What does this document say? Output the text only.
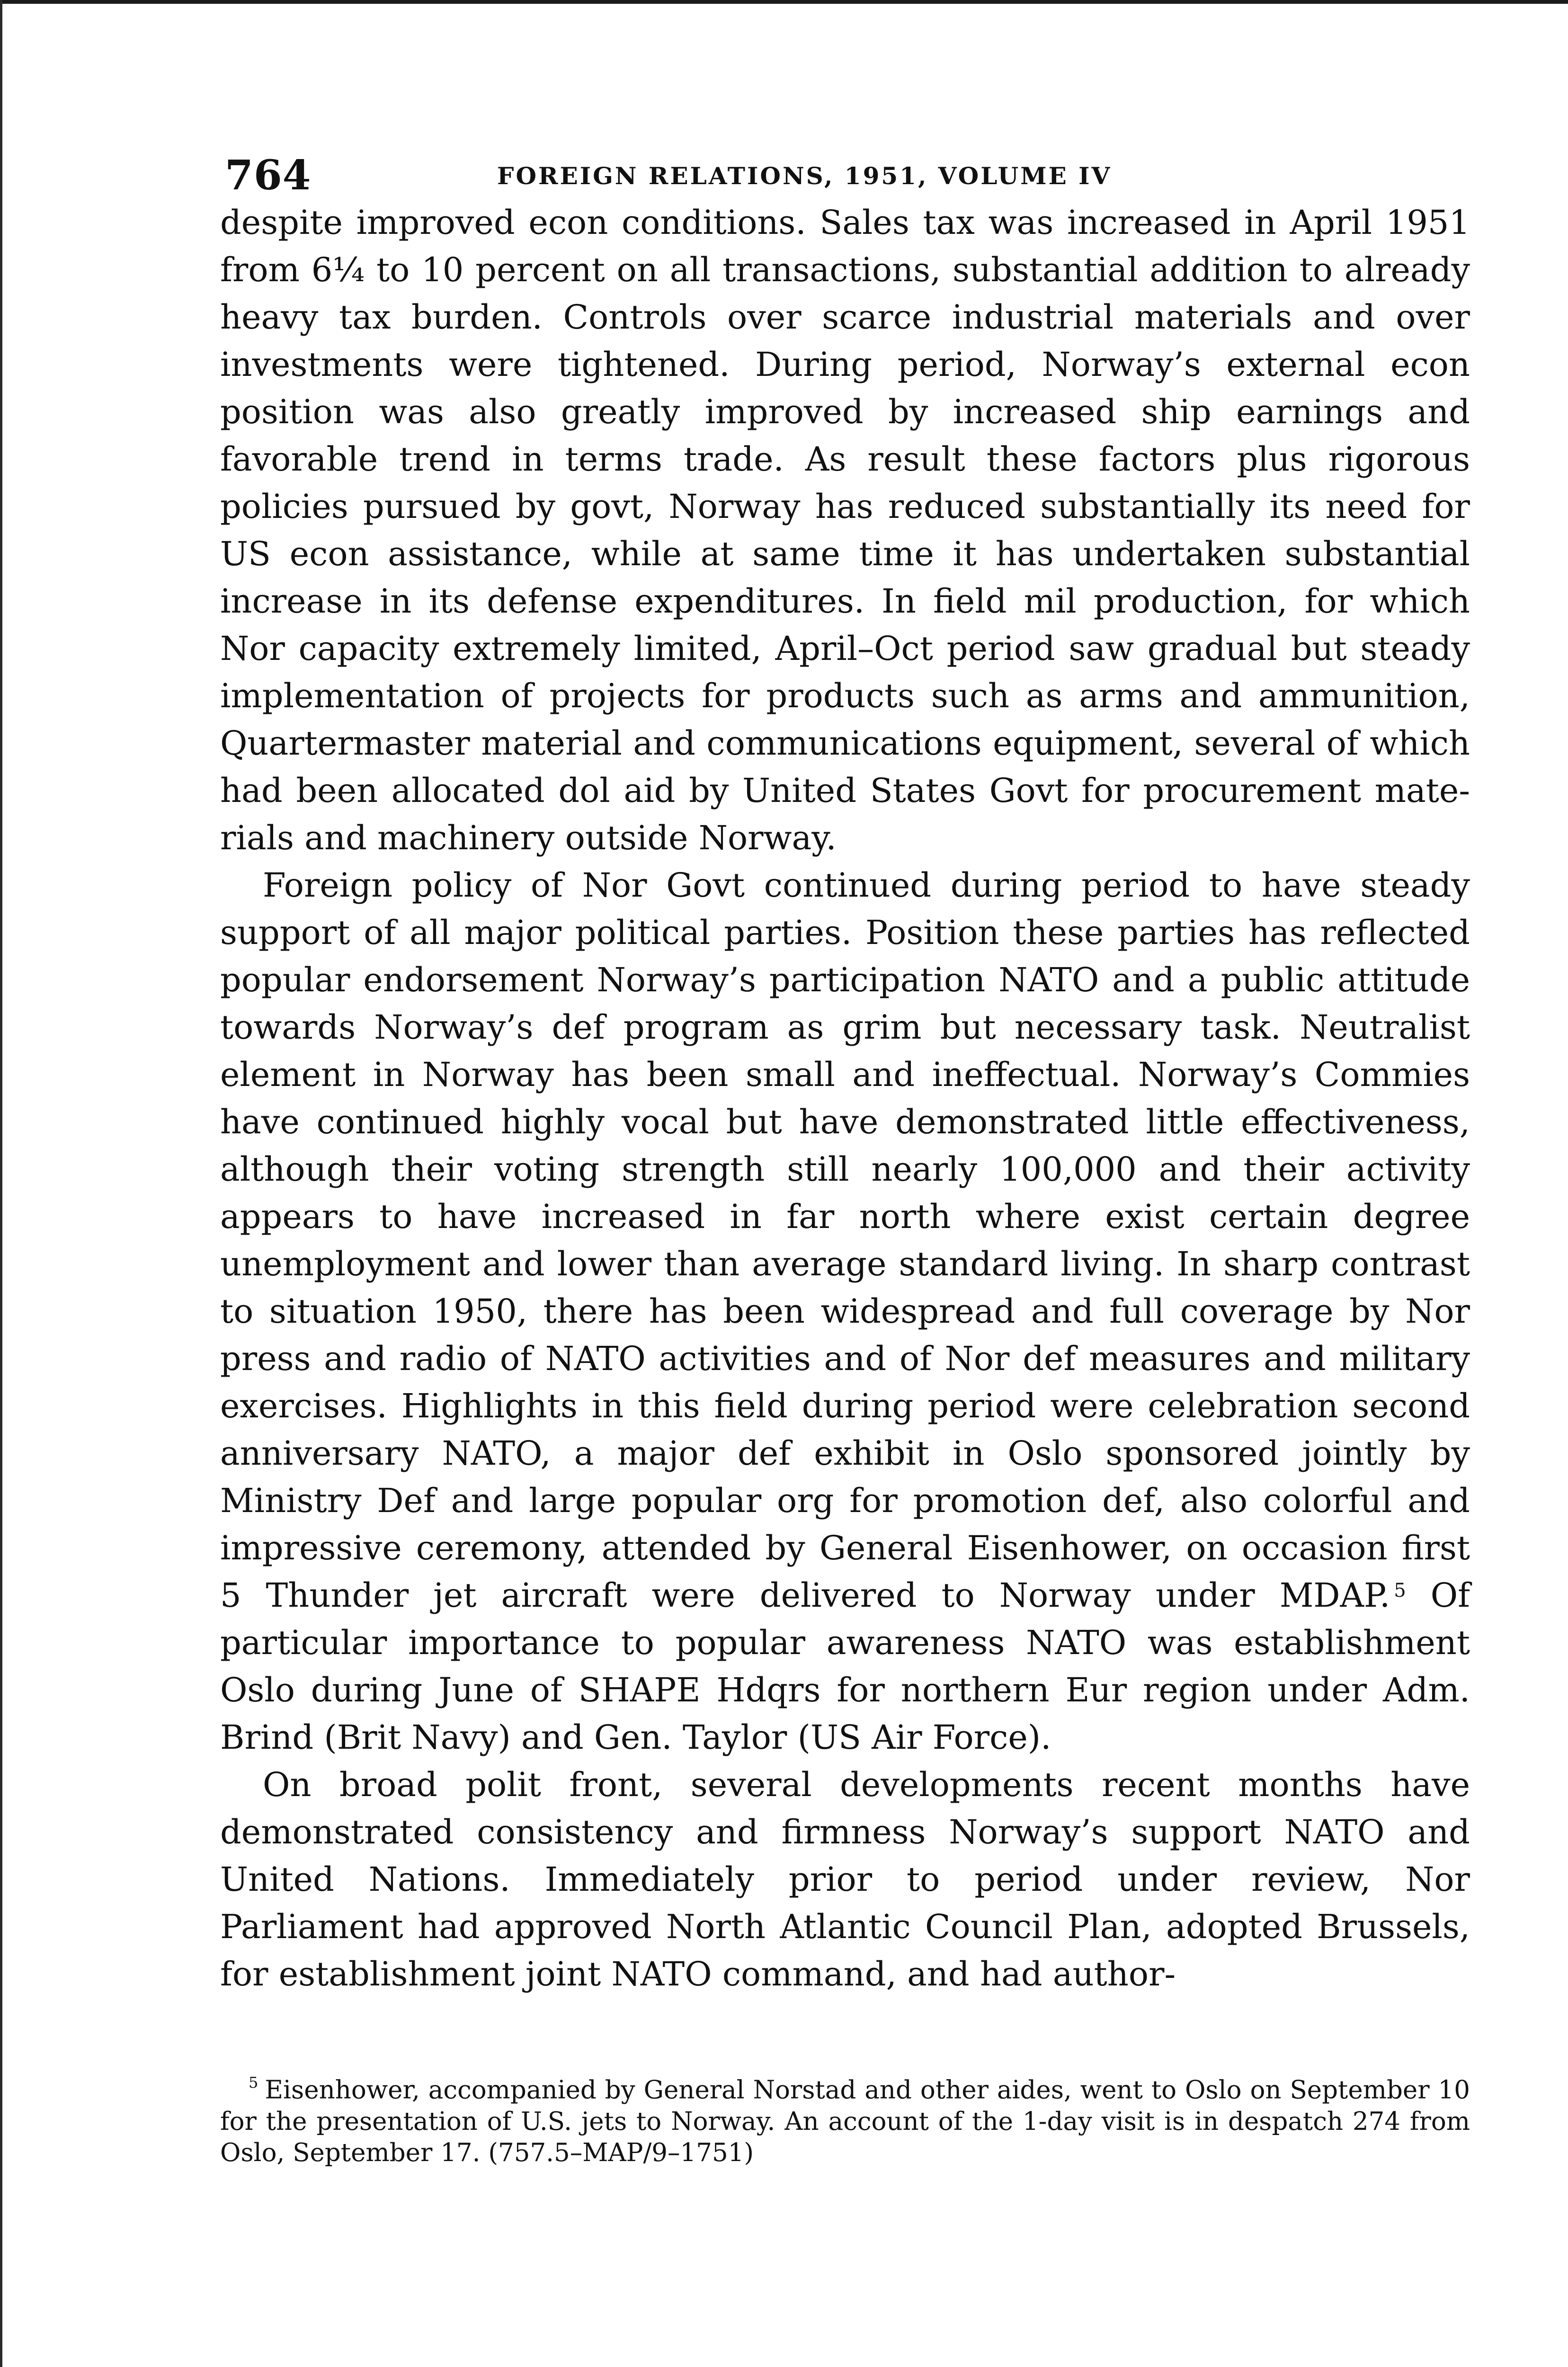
764	FOREIGN RELATIONS, 1951, VOLUME IV

despite improved econ conditions. Sales tax was increased in April 1951 from 6¼ to 10 percent on all transactions, substantial addition to already heavy tax burden. Controls over scarce industrial materials and over investments were tightened. During period, Norway’s external econ position was also greatly improved by increased ship earnings and favorable trend in terms trade. As result these factors plus rigorous policies pursued by govt, Norway has reduced substantially its need for US econ assistance, while at same time it has undertaken substantial increase in its defense expenditures. In field mil production, for which Nor capacity extremely limited, April–Oct period saw gradual but steady implementation of projects for products such as arms and ammunition, Quartermaster material and communications equipment, several of which had been allocated dol aid by United States Govt for procurement materials and machinery outside Norway.

Foreign policy of Nor Govt continued during period to have steady support of all major political parties. Position these parties has reflected popular endorsement Norway’s participation NATO and a public attitude towards Norway’s def program as grim but necessary task. Neutralist element in Norway has been small and ineffectual. Norway’s Commies have continued highly vocal but have demonstrated little effectiveness, although their voting strength still nearly 100,000 and their activity appears to have increased in far north where exist certain degree unemployment and lower than average standard living. In sharp contrast to situation 1950, there has been widespread and full coverage by Nor press and radio of NATO activities and of Nor def measures and military exercises. Highlights in this field during period were celebration second anniversary NATO, a major def exhibit in Oslo sponsored jointly by Ministry Def and large popular org for promotion def, also colorful and impressive ceremony, attended by General Eisenhower, on occasion first 5 Thunder jet aircraft were delivered to Norway under MDAP. $^5$ Of particular importance to popular awareness NATO was establishment Oslo during June of SHAPE Hdqrs for northern Eur region under Adm. Brind (Brit Navy) and Gen. Taylor (US Air Force).

On broad polit front, several developments recent months have demonstrated consistency and firmness Norway’s support NATO and United Nations. Immediately prior to period under review, Nor Parliament had approved North Atlantic Council Plan, adopted Brussels, for establishment joint NATO command, and had author-

$^5$ Eisenhower, accompanied by General Norstad and other aides, went to Oslo on September 10 for the presentation of U.S. jets to Norway. An account of the 1-day visit is in despatch 274 from Oslo, September 17. (757.5–MAP/9–1751)
